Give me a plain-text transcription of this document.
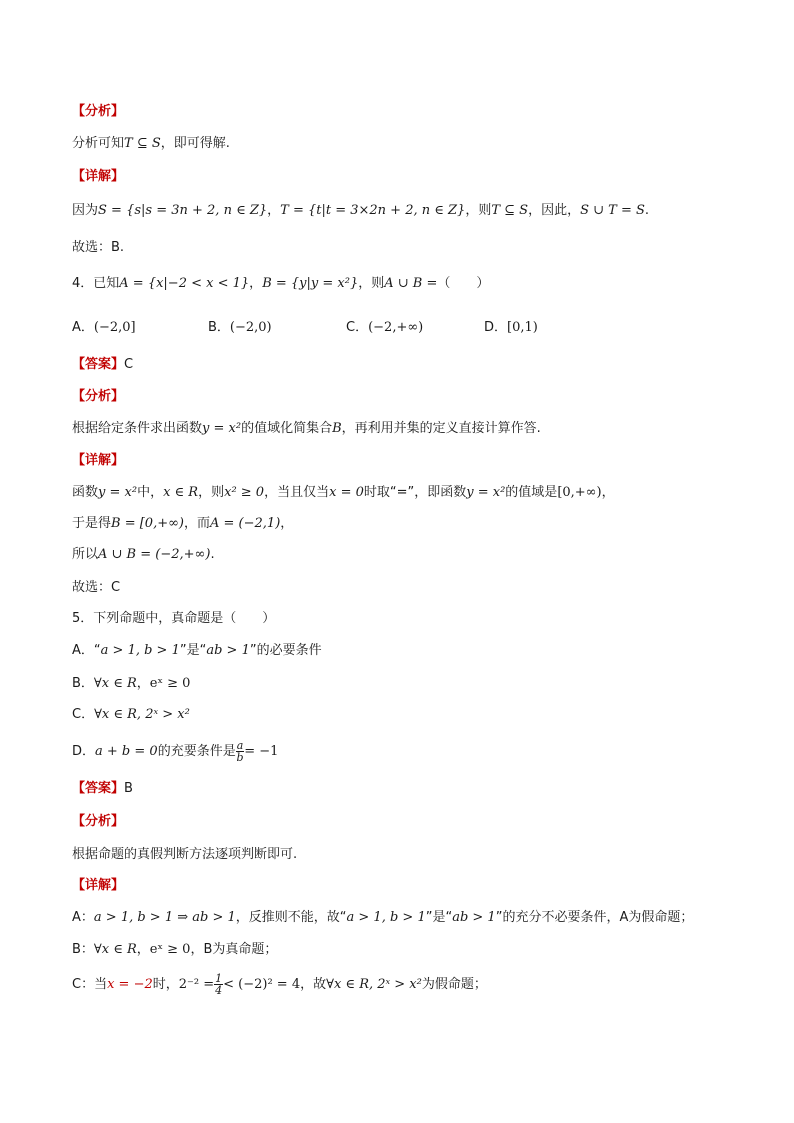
【分析】
分析可知T ⊆ S，即可得解.
【详解】
因为S = {s|s = 3n + 2, n ∈ Z}，T = {t|t = 3×2n + 2, n ∈ Z}，则T ⊆ S，因此，S ∪ T = S.
故选：B.
4．已知A = {x|−2 < x < 1}，B = {y|y = x²}，则A ∪ B =（　　）
A．(−2,0]	B．(−2,0)	C．(−2,+∞)	D．[0,1)
【答案】C
【分析】
根据给定条件求出函数y = x²的值域化简集合B，再利用并集的定义直接计算作答.
【详解】
函数y = x²中，x ∈ R，则x² ≥ 0，当且仅当x = 0时取“=”，即函数y = x²的值域是[0,+∞)，
于是得B = [0,+∞)，而A = (−2,1)，
所以A ∪ B = (−2,+∞).
故选：C
5．下列命题中，真命题是（　　）
A．“a > 1, b > 1”是“ab > 1”的必要条件
B．∀x ∈ R，eˣ ≥ 0
C．∀x ∈ R, 2ˣ > x²
D．a + b = 0的充要条件是 $\frac{a}{b} = -1$
【答案】B
【分析】
根据命题的真假判断方法逐项判断即可.
【详解】
A：a > 1, b > 1 ⇒ ab > 1，反推则不能，故“a > 1, b > 1”是“ab > 1”的充分不必要条件，A为假命题；
B：∀x ∈ R，eˣ ≥ 0，B为真命题；
C：当x = −2时，$2^{-2} = \frac{1}{4} < (-2)^2 = 4$，故∀x ∈ R, 2ˣ > x²为假命题；
